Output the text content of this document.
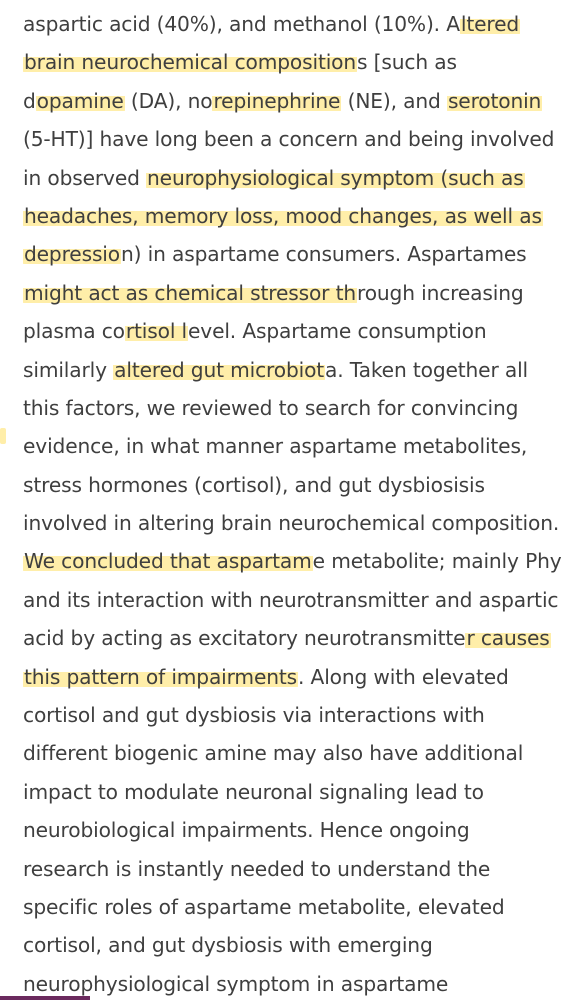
aspartic acid (40%), and methanol (10%). Altered
brain neurochemical compositions [such as
dopamine (DA), norepinephrine (NE), and serotonin
(5-HT)] have long been a concern and being involved
in observed neurophysiological symptom (such as
headaches, memory loss, mood changes, as well as
depression) in aspartame consumers. Aspartames
might act as chemical stressor through increasing
plasma cortisol level. Aspartame consumption
similarly altered gut microbiota. Taken together all
this factors, we reviewed to search for convincing
evidence, in what manner aspartame metabolites,
stress hormones (cortisol), and gut dysbiosisis
involved in altering brain neurochemical composition.
We concluded that aspartame metabolite; mainly Phy
and its interaction with neurotransmitter and aspartic
acid by acting as excitatory neurotransmitter causes
this pattern of impairments. Along with elevated
cortisol and gut dysbiosis via interactions with
different biogenic amine may also have additional
impact to modulate neuronal signaling lead to
neurobiological impairments. Hence ongoing
research is instantly needed to understand the
specific roles of aspartame metabolite, elevated
cortisol, and gut dysbiosis with emerging
neurophysiological symptom in aspartame
